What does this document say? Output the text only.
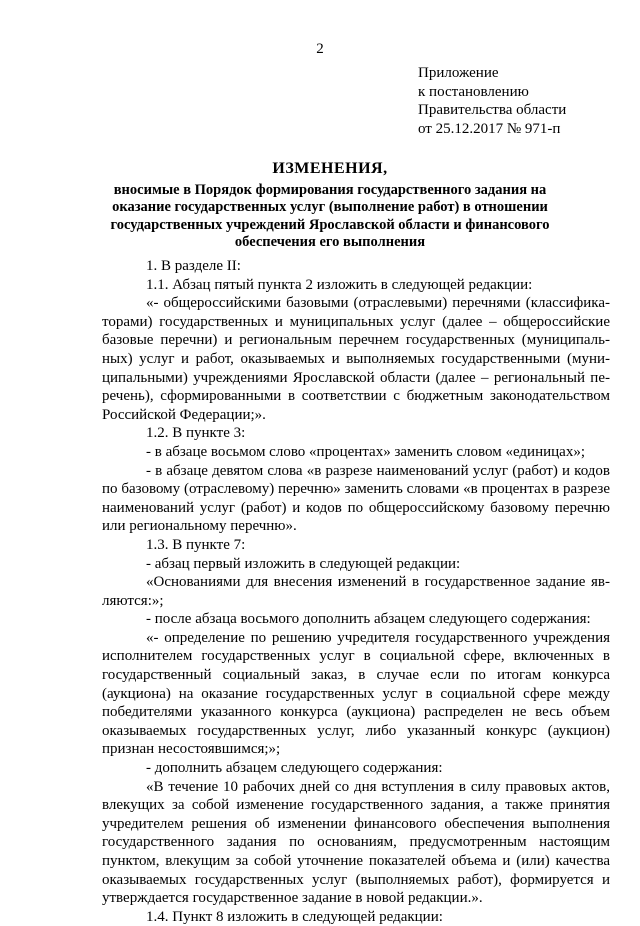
2
Приложение
к постановлению
Правительства области
от 25.12.2017 № 971-п
ИЗМЕНЕНИЯ,
вносимые в Порядок формирования государственного задания на оказание государственных услуг (выполнение работ) в отношении государственных учреждений Ярославской области и финансового обеспечения его выполнения

1. В разделе II:

1.1. Абзац пятый пункта 2 изложить в следующей редакции:

«- общероссийскими базовыми (отраслевыми) перечнями (классификаторами) государственных и муниципальных услуг (далее – общероссийские базовые перечни) и региональным перечнем государственных (муниципальных) услуг и работ, оказываемых и выполняемых государственными (муниципальными) учреждениями Ярославской области (далее – региональный перечень), сформированными в соответствии с бюджетным законодательством Российской Федерации;».

1.2. В пункте 3:

- в абзаце восьмом слово «процентах» заменить словом «единицах»;

- в абзаце девятом слова «в разрезе наименований услуг (работ) и кодов по базовому (отраслевому) перечню» заменить словами «в процентах в разрезе наименований услуг (работ) и кодов по общероссийскому базовому перечню или региональному перечню».

1.3. В пункте 7:

- абзац первый изложить в следующей редакции:

«Основаниями для внесения изменений в государственное задание являются:»;

- после абзаца восьмого дополнить абзацем следующего содержания:

«- определение по решению учредителя государственного учреждения исполнителем государственных услуг в социальной сфере, включенных в государственный социальный заказ, в случае если по итогам конкурса (аукциона) на оказание государственных услуг в социальной сфере между победителями указанного конкурса (аукциона) распределен не весь объем оказываемых государственных услуг, либо указанный конкурс (аукцион) признан несостоявшимся;»;

- дополнить абзацем следующего содержания:

«В течение 10 рабочих дней со дня вступления в силу правовых актов, влекущих за собой изменение государственного задания, а также принятия учредителем решения об изменении финансового обеспечения выполнения государственного задания по основаниям, предусмотренным настоящим пунктом, влекущим за собой уточнение показателей объема и (или) качества оказываемых государственных услуг (выполняемых работ), формируется и утверждается государственное задание в новой редакции.».

1.4. Пункт 8 изложить в следующей редакции:
